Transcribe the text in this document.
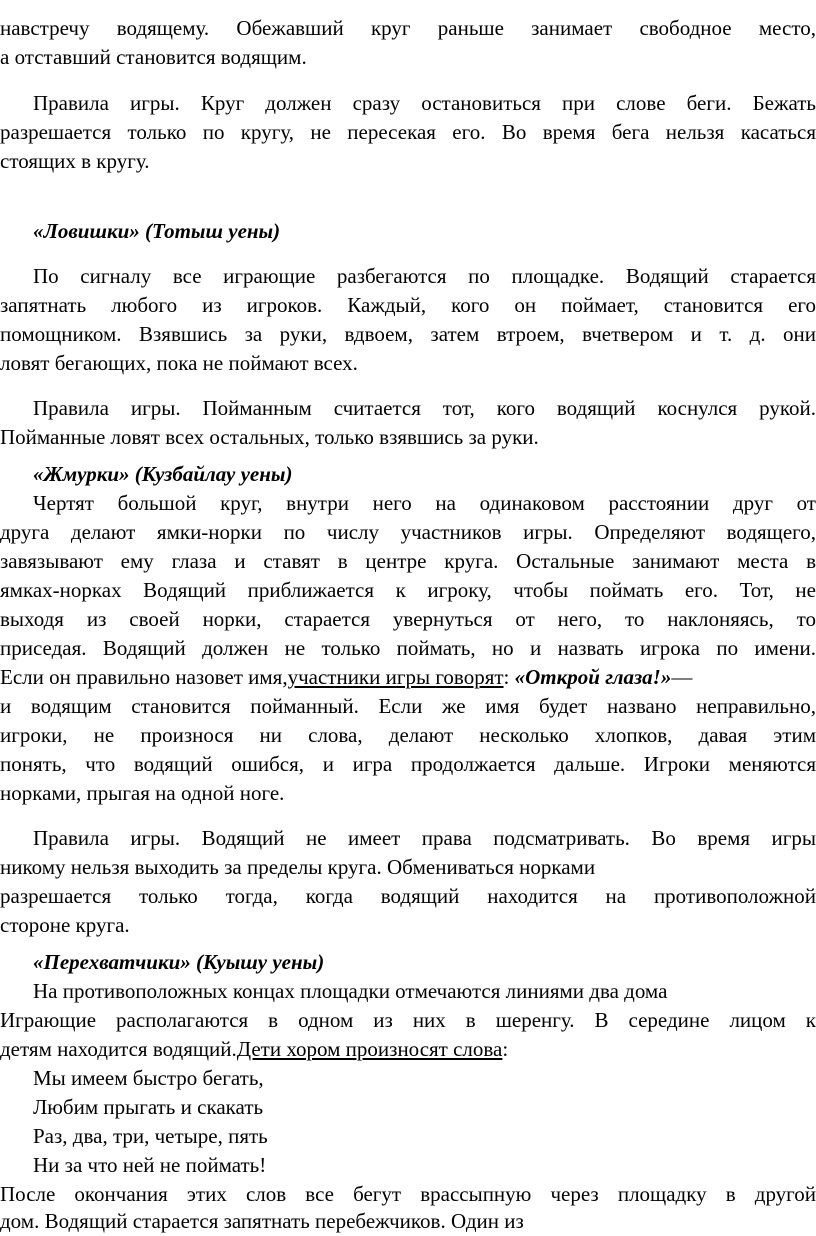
навстречу водящему. Обежавший круг раньше занимает свободное место,
а отставший становится водящим.
Правила игры. Круг должен сразу остановиться при слове беги. Бежать
разрешается только по кругу, не пересекая его. Во время бега нельзя касаться
стоящих в кругу.
«Ловишки» (Тотыш уены)
По сигналу все играющие разбегаются по площадке. Водящий старается
запятнать любого из игроков. Каждый, кого он поймает, становится его
помощником. Взявшись за руки, вдвоем, затем втроем, вчетвером и т. д. они
ловят бегающих, пока не поймают всех.
Правила игры. Пойманным считается тот, кого водящий коснулся рукой.
Пойманные ловят всех остальных, только взявшись за руки.
«Жмурки» (Кузбайлау уены)
Чертят большой круг, внутри него на одинаковом расстоянии друг от
друга делают ямки-норки по числу участников игры. Определяют водящего,
завязывают ему глаза и ставят в центре круга. Остальные занимают места в
ямках-норках Водящий приближается к игроку, чтобы поймать его. Тот, не
выходя из своей норки, старается увернуться от него, то наклоняясь, то
приседая. Водящий должен не только поймать, но и назвать игрока по имени.
Если он правильно назовет имя,участники игры говорят: «Открой глаза!»—
и водящим становится пойманный. Если же имя будет названо неправильно,
игроки, не произнося ни слова, делают несколько хлопков, давая этим
понять, что водящий ошибся, и игра продолжается дальше. Игроки меняются
норками, прыгая на одной ноге.
Правила игры. Водящий не имеет права подсматривать. Во время игры
никому нельзя выходить за пределы круга. Обмениваться норками
разрешается только тогда, когда водящий находится на противоположной
стороне круга.
«Перехватчики» (Куышу уены)
На противоположных концах площадки отмечаются линиями два дома
Играющие располагаются в одном из них в шеренгу. В середине лицом к
детям находится водящий.Дети хором произносят слова:
Мы имеем быстро бегать,
Любим прыгать и скакать
Раз, два, три, четыре, пять
Ни за что ней не поймать!
После окончания этих слов все бегут врассыпную через площадку в другой
дом. Водящий старается запятнать перебежчиков. Один из
